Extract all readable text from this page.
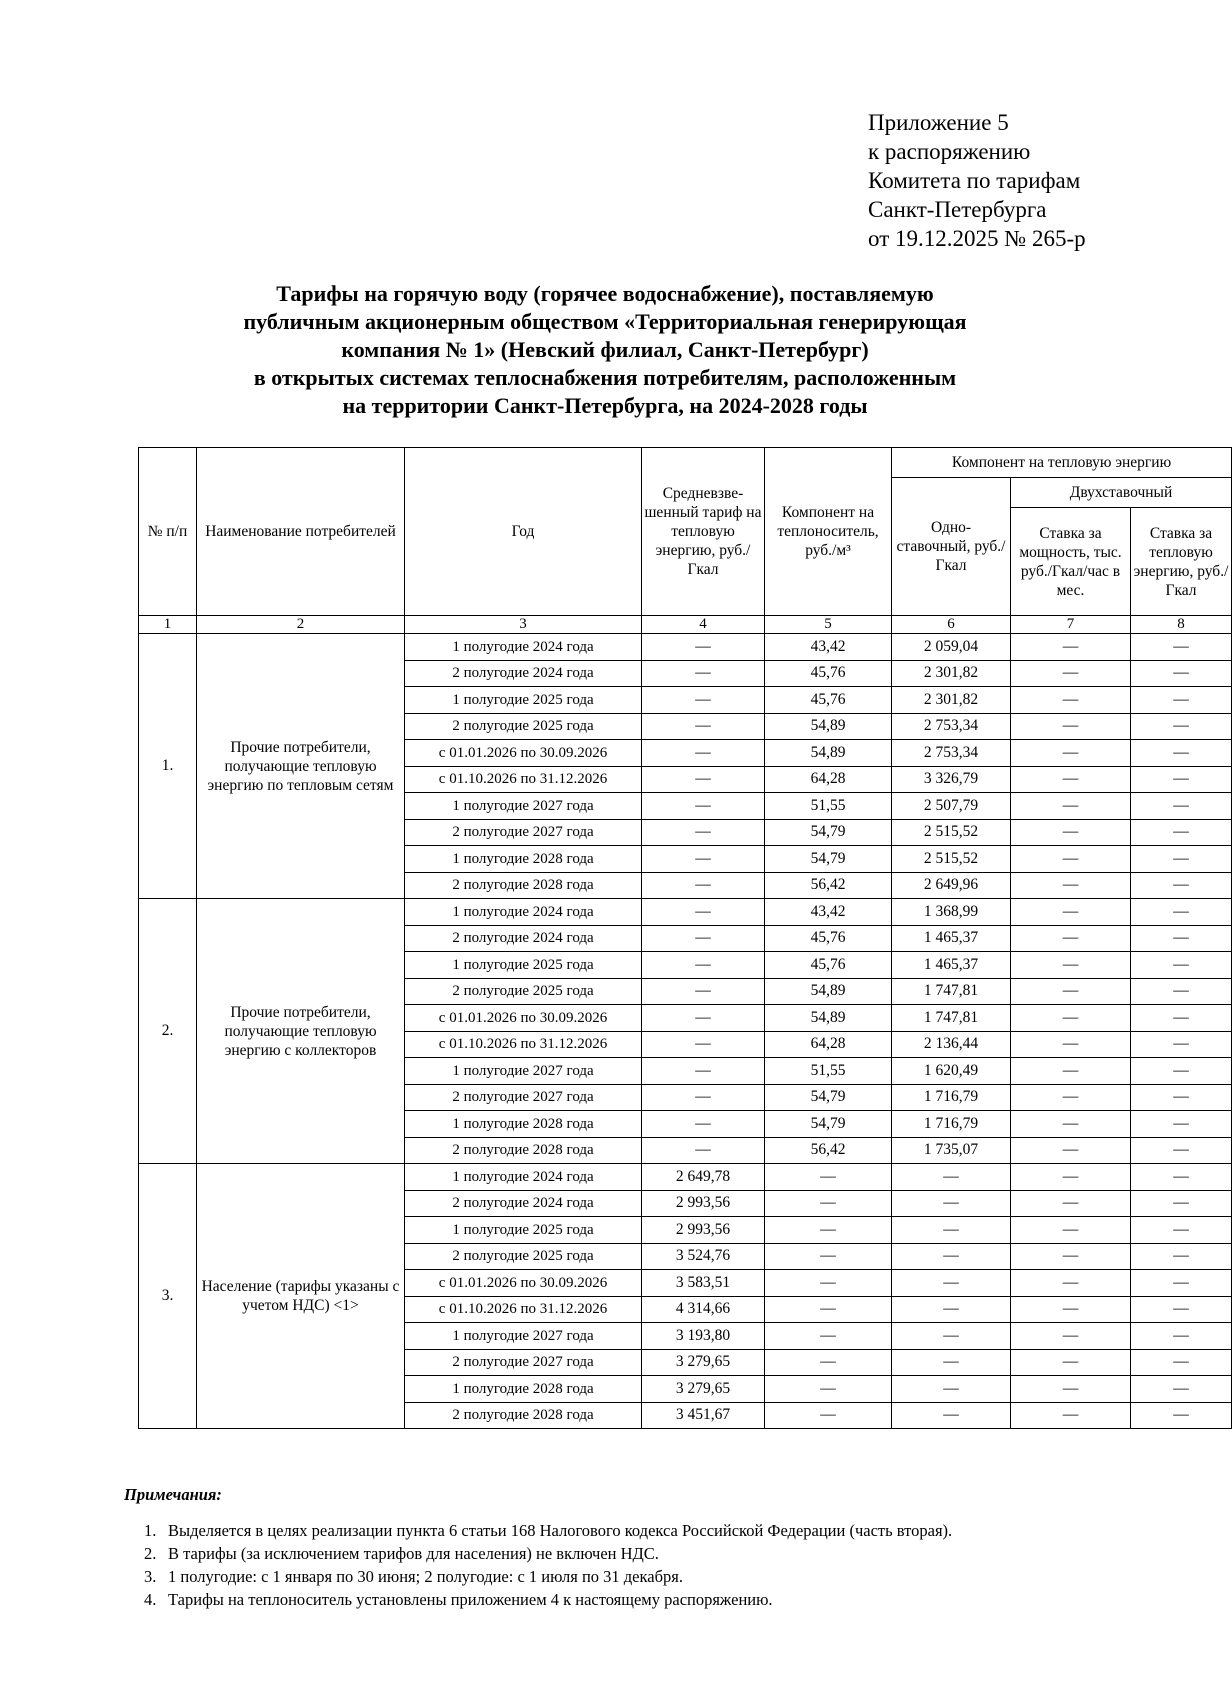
Приложение 5
к распоряжению
Комитета по тарифам
Санкт-Петербурга
от 19.12.2025 № 265-р
Тарифы на горячую воду (горячее водоснабжение), поставляемую
публичным акционерным обществом «Территориальная генерирующая
компания № 1» (Невский филиал, Санкт-Петербург)
в открытых системах теплоснабжения потребителям, расположенным
на территории Санкт-Петербурга, на 2024-2028 годы
№ п/п	Наименование потребителей	Год	Средневзве-шенный тариф на тепловую энергию, руб./Гкал	Компонент на теплоноситель, руб./м³	Компонент на тепловую энергию		
					Одно-ставочный, руб./Гкал	Двухставочный	
						Ставка за мощность, тыс. руб./Гкал/час в мес.	Ставка за тепловую энергию, руб./Гкал
1	2	3	4	5	6	7	8
1.	Прочие потребители, получающие тепловую энергию по тепловым сетям	1 полугодие 2024 года	—	43,42	2 059,04	—	—
		2 полугодие 2024 года	—	45,76	2 301,82	—	—
		1 полугодие 2025 года	—	45,76	2 301,82	—	—
		2 полугодие 2025 года	—	54,89	2 753,34	—	—
		с 01.01.2026 по 30.09.2026	—	54,89	2 753,34	—	—
		с 01.10.2026 по 31.12.2026	—	64,28	3 326,79	—	—
		1 полугодие 2027 года	—	51,55	2 507,79	—	—
		2 полугодие 2027 года	—	54,79	2 515,52	—	—
		1 полугодие 2028 года	—	54,79	2 515,52	—	—
		2 полугодие 2028 года	—	56,42	2 649,96	—	—
2.	Прочие потребители, получающие тепловую энергию с коллекторов	1 полугодие 2024 года	—	43,42	1 368,99	—	—
		2 полугодие 2024 года	—	45,76	1 465,37	—	—
		1 полугодие 2025 года	—	45,76	1 465,37	—	—
		2 полугодие 2025 года	—	54,89	1 747,81	—	—
		с 01.01.2026 по 30.09.2026	—	54,89	1 747,81	—	—
		с 01.10.2026 по 31.12.2026	—	64,28	2 136,44	—	—
		1 полугодие 2027 года	—	51,55	1 620,49	—	—
		2 полугодие 2027 года	—	54,79	1 716,79	—	—
		1 полугодие 2028 года	—	54,79	1 716,79	—	—
		2 полугодие 2028 года	—	56,42	1 735,07	—	—
3.	Население (тарифы указаны с учетом НДС) <1>	1 полугодие 2024 года	2 649,78	—	—	—	—
		2 полугодие 2024 года	2 993,56	—	—	—	—
		1 полугодие 2025 года	2 993,56	—	—	—	—
		2 полугодие 2025 года	3 524,76	—	—	—	—
		с 01.01.2026 по 30.09.2026	3 583,51	—	—	—	—
		с 01.10.2026 по 31.12.2026	4 314,66	—	—	—	—
		1 полугодие 2027 года	3 193,80	—	—	—	—
		2 полугодие 2027 года	3 279,65	—	—	—	—
		1 полугодие 2028 года	3 279,65	—	—	—	—
		2 полугодие 2028 года	3 451,67	—	—	—	—
Примечания:
1. Выделяется в целях реализации пункта 6 статьи 168 Налогового кодекса Российской Федерации (часть вторая).
2. В тарифы (за исключением тарифов для населения) не включен НДС.
3. 1 полугодие: с 1 января по 30 июня; 2 полугодие: с 1 июля по 31 декабря.
4. Тарифы на теплоноситель установлены приложением 4 к настоящему распоряжению.
